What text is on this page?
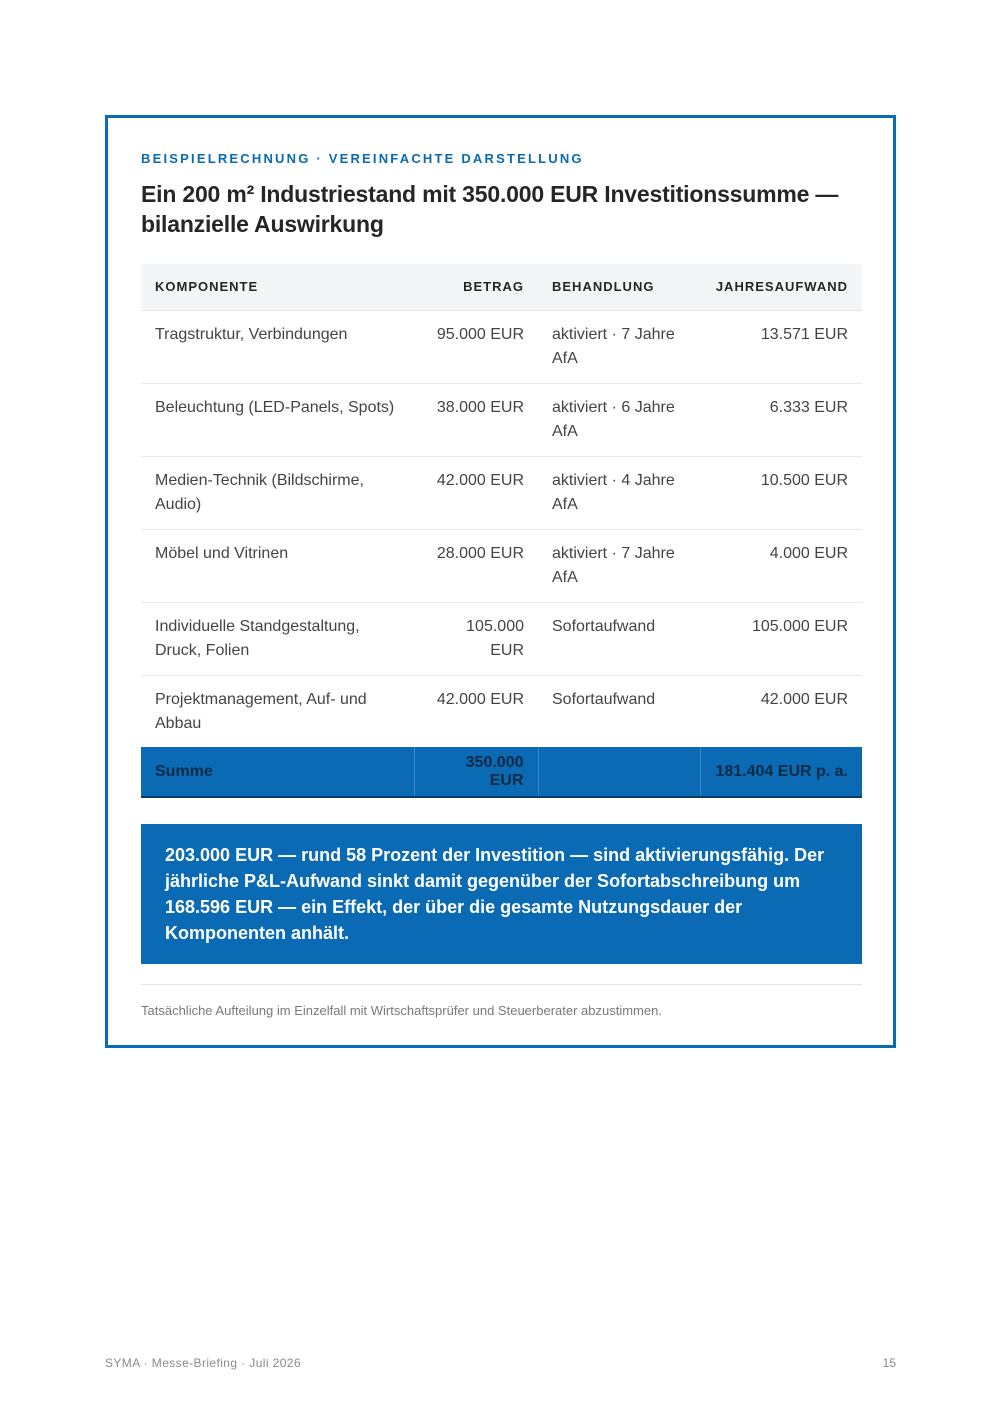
BEISPIELRECHNUNG · VEREINFACHTE DARSTELLUNG
Ein 200 m² Industriestand mit 350.000 EUR Investitionssumme — bilanzielle Auswirkung
KOMPONENTE	BETRAG	BEHANDLUNG	JAHRESAUFWAND
Tragstruktur, Verbindungen	95.000 EUR	aktiviert · 7 Jahre AfA	13.571 EUR
Beleuchtung (LED-Panels, Spots)	38.000 EUR	aktiviert · 6 Jahre AfA	6.333 EUR
Medien-Technik (Bildschirme, Audio)	42.000 EUR	aktiviert · 4 Jahre AfA	10.500 EUR
Möbel und Vitrinen	28.000 EUR	aktiviert · 7 Jahre AfA	4.000 EUR
Individuelle Standgestaltung, Druck, Folien	105.000 EUR	Sofortaufwand	105.000 EUR
Projektmanagement, Auf- und Abbau	42.000 EUR	Sofortaufwand	42.000 EUR
Summe	350.000 EUR		181.404 EUR p. a.
203.000 EUR — rund 58 Prozent der Investition — sind aktivierungsfähig. Der jährliche P&L-Aufwand sinkt damit gegenüber der Sofortabschreibung um 168.596 EUR — ein Effekt, der über die gesamte Nutzungsdauer der Komponenten anhält.
Tatsächliche Aufteilung im Einzelfall mit Wirtschaftsprüfer und Steuerberater abzustimmen.
SYMA · Messe-Briefing · Juli 2026	15
